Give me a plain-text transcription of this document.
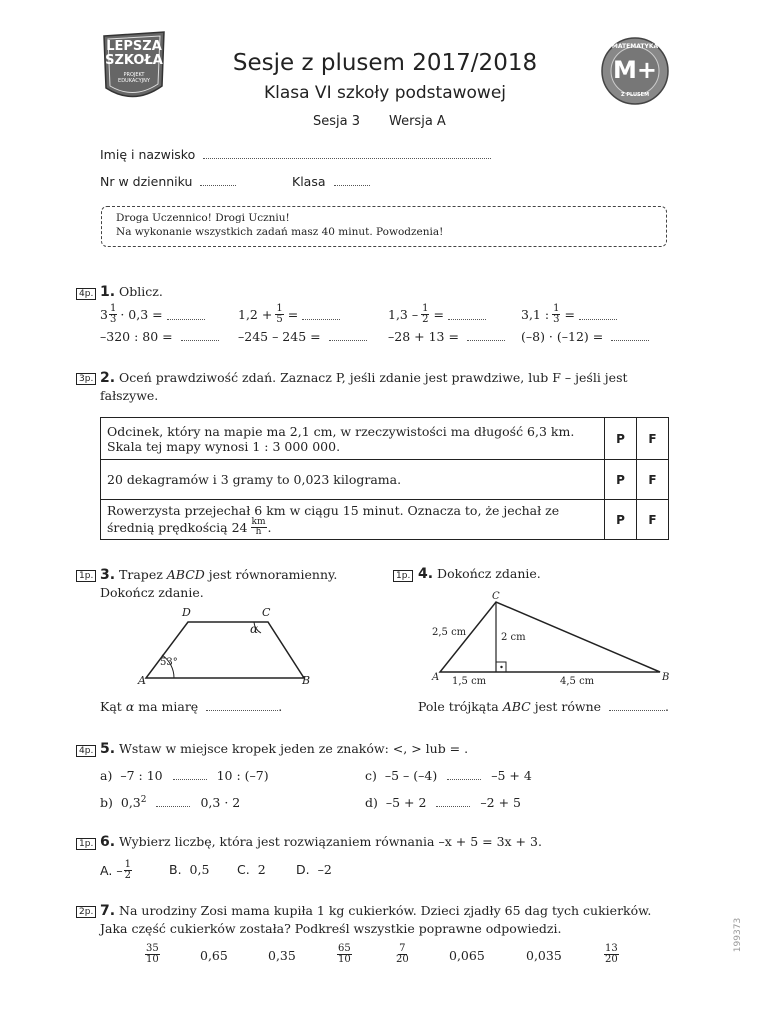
LEPSZA
SZKOŁA
PROJEKT
EDUKACYJNY
Sesje z plusem 2017/2018
Klasa VI szkoły podstawowej
Sesja 3 Wersja A
MATEMATYKA
M+
Z PLUSEM
Imię i nazwisko
Nr w dzienniku	Klasa
Droga Uczennico! Drogi Uczniu!
Na wykonanie wszystkich zadań masz 40 minut. Powodzenia!
4p. 1. Oblicz.
$3 \frac{1}{3} \cdot 0,3$ =	$1,2 + \frac{1}{5}$ =	$1,3 - \frac{1}{2}$ =	3,1 : $\frac{1}{3}$ =
–320 : 80 =	–245 – 245 =	–28 + 13 =	(–8) · (–12) =
3p. 2. Oceń prawdziwość zdań. Zaznacz P, jeśli zdanie jest prawdziwe, lub F – jeśli jest
fałszywe.
Odcinek, który na mapie ma 2,1 cm, w rzeczywistości ma długość 6,3 km.
Skala tej mapy wynosi 1 : 3 000 000.	P	F

20 dekagramów i 3 gramy to 0,023 kilograma.	P	F

Rowerzysta przejechał 6 km w ciągu 15 minut. Oznacza to, że jechał ze
średnią prędkością $24 \frac{km}{h}$ .	P	F
1p. 3. Trapez ABCD jest równoramienny.
Dokończ zdanie.
D	C
α
53°
A	B
Kąt α ma miarę	.
1p. 4. Dokończ zdanie.
C
2,5 cm	2 cm
A 1,5 cm	4,5 cm	B
Pole trójkąta ABC jest równe	.
4p. 5. Wstaw w miejsce kropek jeden ze znaków: <, > lub = .
a) –7 : 10	10 : (–7)
b) $0,3^2$	0,3 · 2
c) –5 – (–4)	–5 + 4
d) –5 + 2	–2 + 5
1p. 6. Wybierz liczbę, która jest rozwiązaniem równania –x + 5 = 3x + 3.
A. – $\frac{1}{2}$	B. 0,5 C. 2 D. –2
2p. 7. Na urodziny Zosi mama kupiła 1 kg cukierków. Dzieci zjadły 65 dag tych cukierków.
Jaka część cukierków została? Podkreśl wszystkie poprawne odpowiedzi.
$\frac{35}{10}$	0,65	0,35	$\frac{65}{10}$	$\frac{7}{20}$	0,065	0,035	$\frac{13}{20}$
199373
